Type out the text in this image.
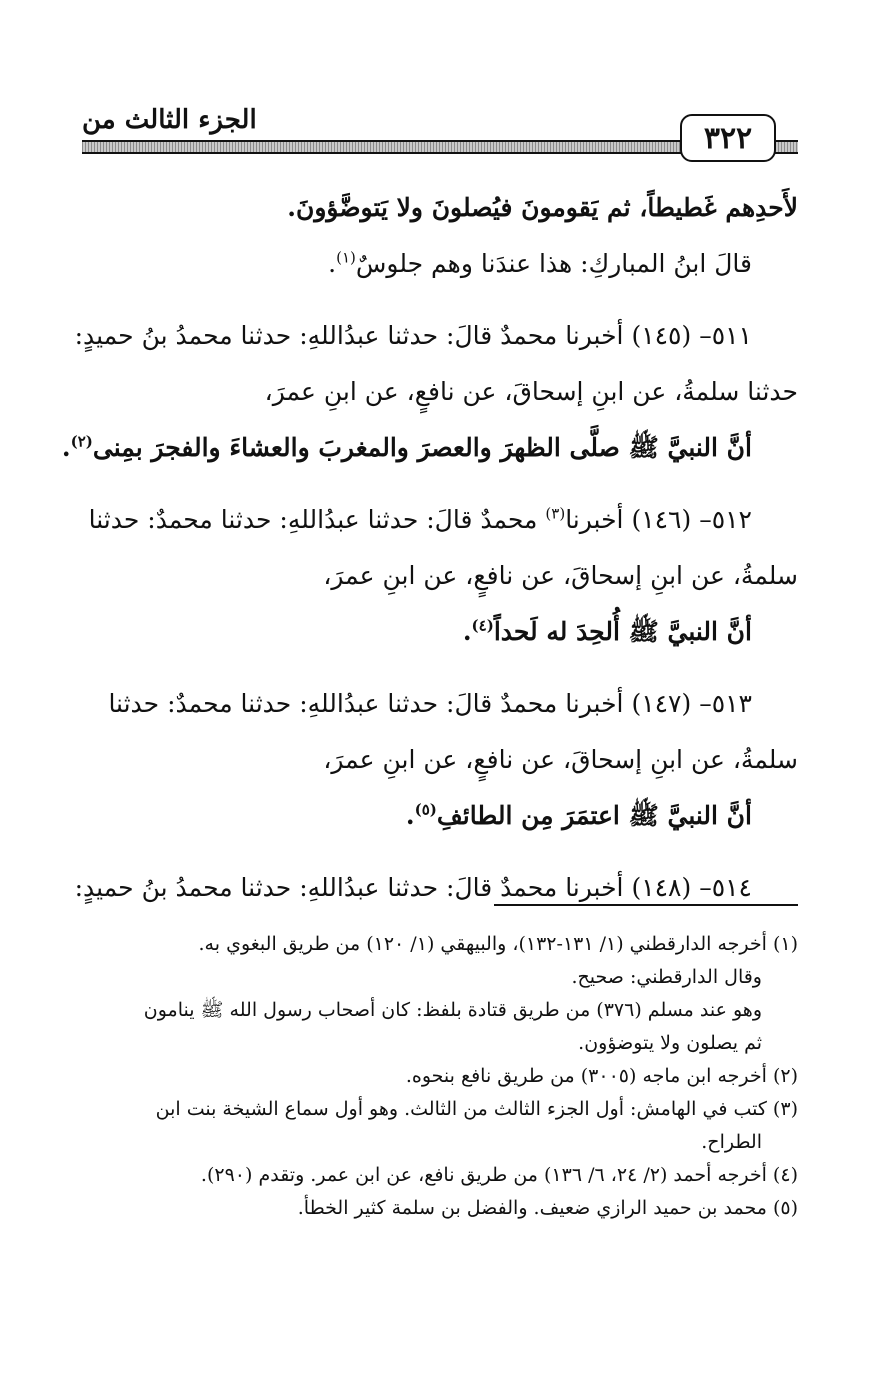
٣٢٢
الجزء الثالث من

لأَحدِهم غَطيطاً، ثم يَقومونَ فيُصلونَ ولا يَتوضَّؤونَ.

قالَ ابنُ المباركِ: هذا عندَنا وهم جلوسٌ$^{(١)}$.

٥١١– (١٤٥) أخبرنا محمدٌ قالَ: حدثنا عبدُاللهِ: حدثنا محمدُ بنُ حميدٍ:

حدثنا سلمةُ، عن ابنِ إسحاقَ، عن نافعٍ، عن ابنِ عمرَ،

أنَّ النبيَّ ﷺ صلَّى الظهرَ والعصرَ والمغربَ والعشاءَ والفجرَ بمِنى$^{(٢)}$.

٥١٢– (١٤٦) أخبرنا$^{(٣)}$ محمدٌ قالَ: حدثنا عبدُاللهِ: حدثنا محمدٌ: حدثنا

سلمةُ، عن ابنِ إسحاقَ، عن نافعٍ، عن ابنِ عمرَ،

أنَّ النبيَّ ﷺ أُلحِدَ له لَحداً$^{(٤)}$.

٥١٣– (١٤٧) أخبرنا محمدٌ قالَ: حدثنا عبدُاللهِ: حدثنا محمدٌ: حدثنا

سلمةُ، عن ابنِ إسحاقَ، عن نافعٍ، عن ابنِ عمرَ،

أنَّ النبيَّ ﷺ اعتمَرَ مِن الطائفِ$^{(٥)}$.

٥١٤– (١٤٨) أخبرنا محمدٌ قالَ: حدثنا عبدُاللهِ: حدثنا محمدُ بنُ حميدٍ:

(١) أخرجه الدارقطني (١/ ١٣١-١٣٢)، والبيهقي (١/ ١٢٠) من طريق البغوي به.

وقال الدارقطني: صحيح.

وهو عند مسلم (٣٧٦) من طريق قتادة بلفظ: كان أصحاب رسول الله ﷺ ينامون

ثم يصلون ولا يتوضؤون.

(٢) أخرجه ابن ماجه (٣٠٠٥) من طريق نافع بنحوه.

(٣) كتب في الهامش: أول الجزء الثالث من الثالث. وهو أول سماع الشيخة بنت ابن

الطراح.

(٤) أخرجه أحمد (٢/ ٢٤، ٦/ ١٣٦) من طريق نافع، عن ابن عمر. وتقدم (٢٩٠).

(٥) محمد بن حميد الرازي ضعيف. والفضل بن سلمة كثير الخطأ.
